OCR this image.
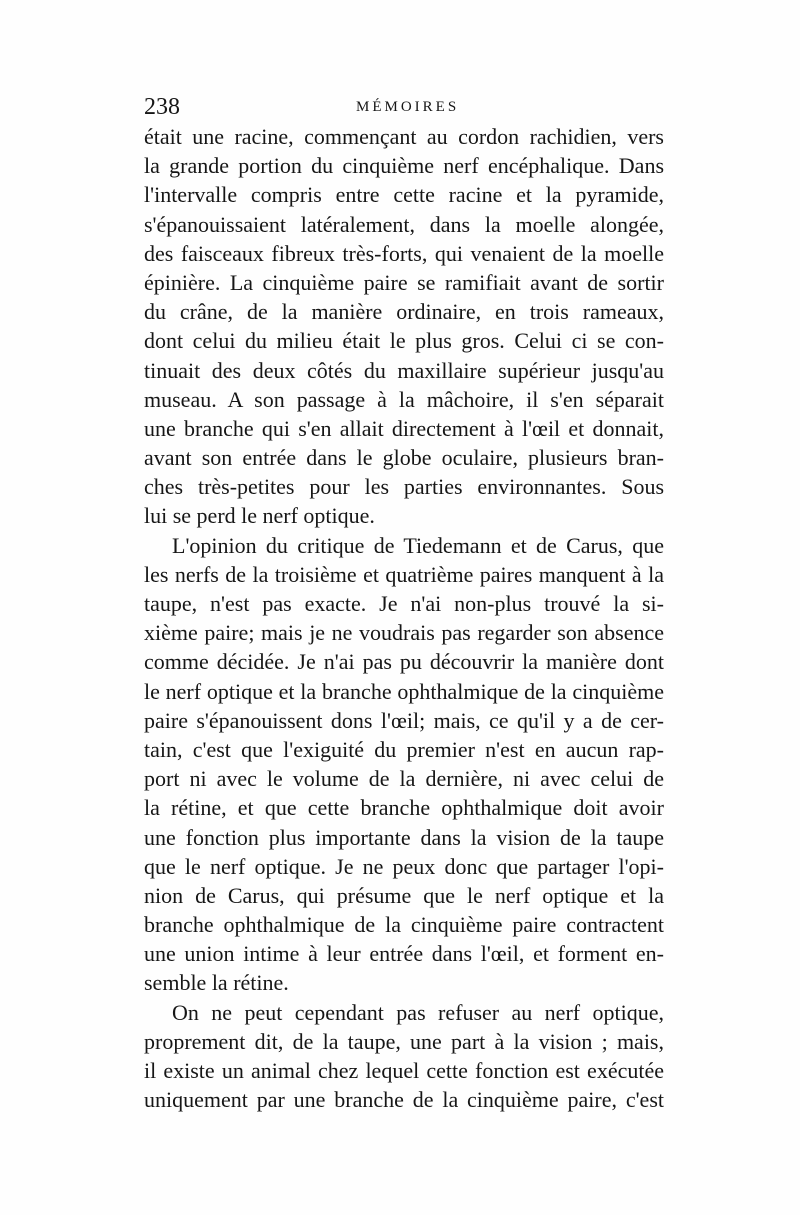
238	MÉMOIRES
était une racine, commençant au cordon rachidien, vers
la grande portion du cinquième nerf encéphalique. Dans
l'intervalle compris entre cette racine et la pyramide,
s'épanouissaient latéralement, dans la moelle alongée,
des faisceaux fibreux très-forts, qui venaient de la moelle
épinière. La cinquième paire se ramifiait avant de sortir
du crâne, de la manière ordinaire, en trois rameaux,
dont celui du milieu était le plus gros. Celui ci se con-
tinuait des deux côtés du maxillaire supérieur jusqu'au
museau. A son passage à la mâchoire, il s'en séparait
une branche qui s'en allait directement à l'œil et donnait,
avant son entrée dans le globe oculaire, plusieurs bran-
ches très-petites pour les parties environnantes. Sous
lui se perd le nerf optique.
L'opinion du critique de Tiedemann et de Carus, que
les nerfs de la troisième et quatrième paires manquent à la
taupe, n'est pas exacte. Je n'ai non-plus trouvé la si-
xième paire; mais je ne voudrais pas regarder son absence
comme décidée. Je n'ai pas pu découvrir la manière dont
le nerf optique et la branche ophthalmique de la cinquième
paire s'épanouissent dons l'œil; mais, ce qu'il y a de cer-
tain, c'est que l'exiguité du premier n'est en aucun rap-
port ni avec le volume de la dernière, ni avec celui de
la rétine, et que cette branche ophthalmique doit avoir
une fonction plus importante dans la vision de la taupe
que le nerf optique. Je ne peux donc que partager l'opi-
nion de Carus, qui présume que le nerf optique et la
branche ophthalmique de la cinquième paire contractent
une union intime à leur entrée dans l'œil, et forment en-
semble la rétine.
On ne peut cependant pas refuser au nerf optique,
proprement dit, de la taupe, une part à la vision ; mais,
il existe un animal chez lequel cette fonction est exécutée
uniquement par une branche de la cinquième paire, c'est
